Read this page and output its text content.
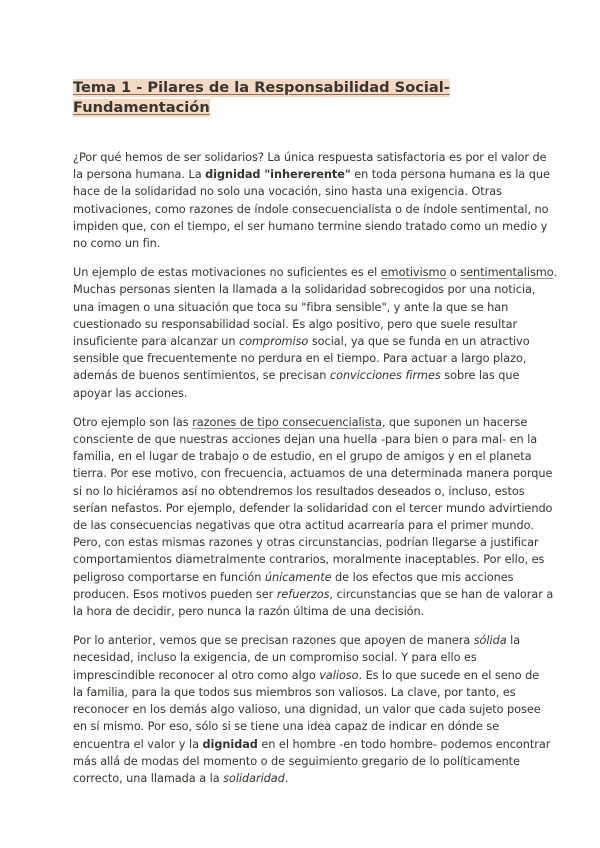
Tema 1 - Pilares de la Responsabilidad Social-Fundamentación

¿Por qué hemos de ser solidarios? La única respuesta satisfactoria es por el valor de
la persona humana. La dignidad "inhererente" en toda persona humana es la que
hace de la solidaridad no solo una vocación, sino hasta una exigencia. Otras
motivaciones, como razones de índole consecuencialista o de índole sentimental, no
impiden que, con el tiempo, el ser humano termine siendo tratado como un medio y
no como un fin.

Un ejemplo de estas motivaciones no suficientes es el emotivismo o sentimentalismo.
Muchas personas sienten la llamada a la solidaridad sobrecogidos por una noticia,
una imagen o una situación que toca su "fibra sensible", y ante la que se han
cuestionado su responsabilidad social. Es algo positivo, pero que suele resultar
insuficiente para alcanzar un compromiso social, ya que se funda en un atractivo
sensible que frecuentemente no perdura en el tiempo. Para actuar a largo plazo,
además de buenos sentimientos, se precisan convicciones firmes sobre las que
apoyar las acciones.

Otro ejemplo son las razones de tipo consecuencialista, que suponen un hacerse
consciente de que nuestras acciones dejan una huella -para bien o para mal- en la
familia, en el lugar de trabajo o de estudio, en el grupo de amigos y en el planeta
tierra. Por ese motivo, con frecuencia, actuamos de una determinada manera porque
si no lo hiciéramos así no obtendremos los resultados deseados o, incluso, estos
serían nefastos. Por ejemplo, defender la solidaridad con el tercer mundo advirtiendo
de las consecuencias negativas que otra actitud acarrearía para el primer mundo.
Pero, con estas mismas razones y otras circunstancias, podrían llegarse a justificar
comportamientos diametralmente contrarios, moralmente inaceptables. Por ello, es
peligroso comportarse en función únicamente de los efectos que mis acciones
producen. Esos motivos pueden ser refuerzos, circunstancias que se han de valorar a
la hora de decidir, pero nunca la razón última de una decisión.

Por lo anterior, vemos que se precisan razones que apoyen de manera sólida la
necesidad, incluso la exigencia, de un compromiso social. Y para ello es
imprescindible reconocer al otro como algo valioso. Es lo que sucede en el seno de
la familia, para la que todos sus miembros son valiosos. La clave, por tanto, es
reconocer en los demás algo valioso, una dignidad, un valor que cada sujeto posee
en sí mismo. Por eso, sólo si se tiene una idea capaz de indicar en dónde se
encuentra el valor y la dignidad en el hombre -en todo hombre- podemos encontrar
más allá de modas del momento o de seguimiento gregario de lo políticamente
correcto, una llamada a la solidaridad.
